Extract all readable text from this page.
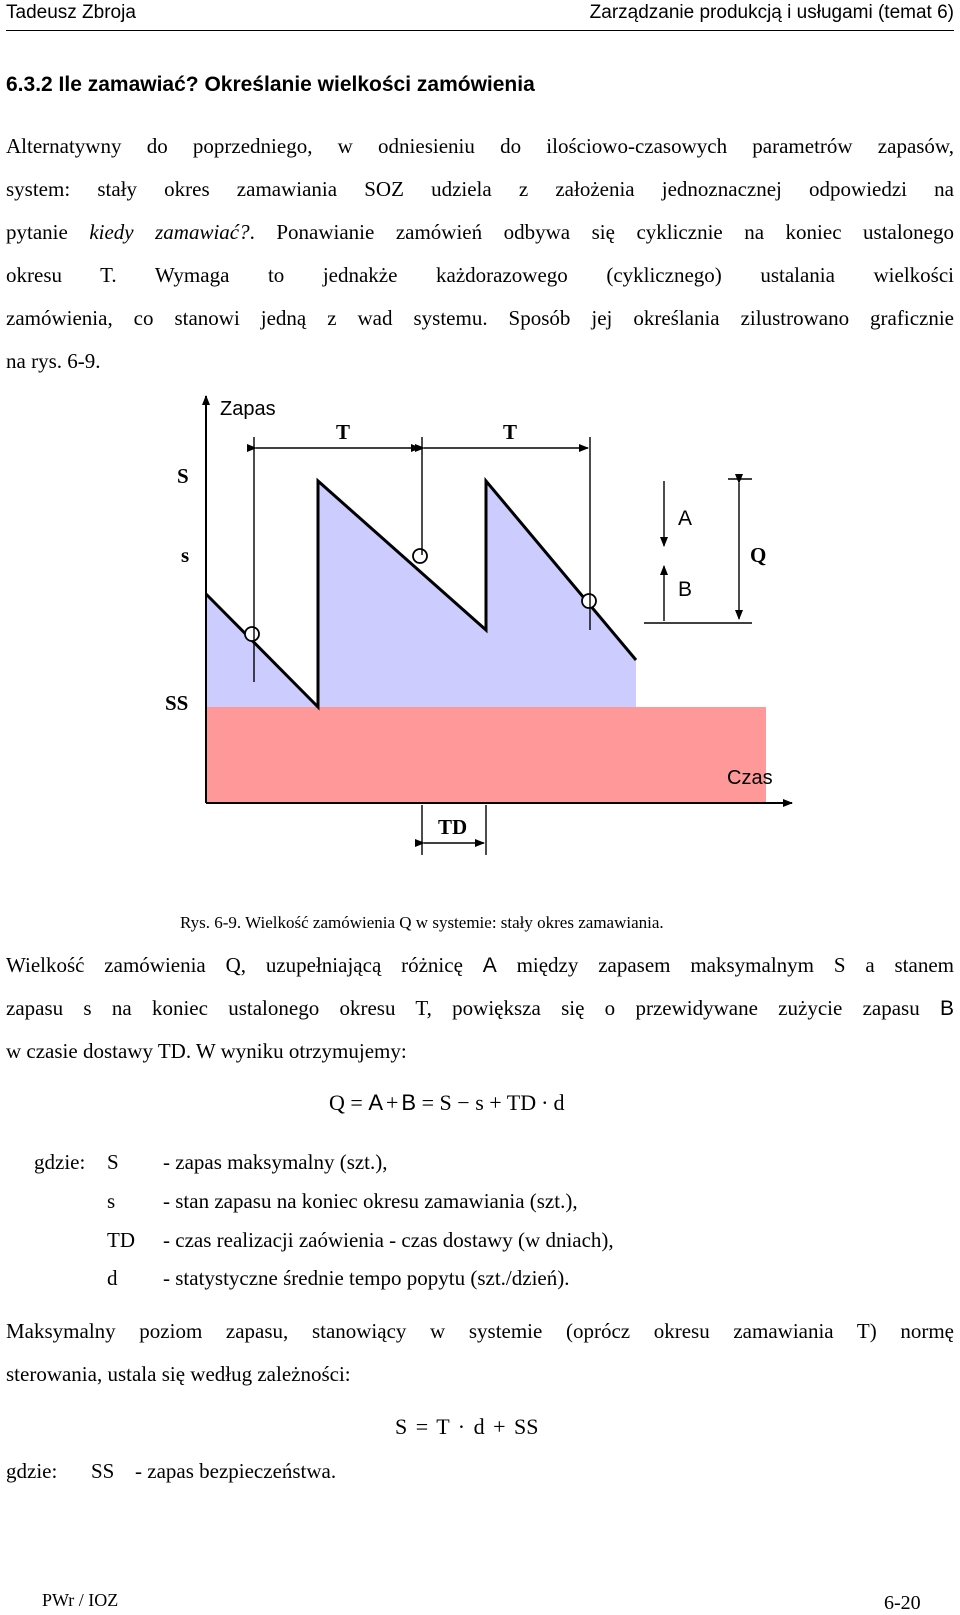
Tadeusz Zbroja	Zarządzanie produkcją i usługami (temat 6)
6.3.2 Ile zamawiać? Określanie wielkości zamówienia
Alternatywny do poprzedniego, w odniesieniu do ilościowo-czasowych parametrów zapasów,
system: stały okres zamawiania SOZ udziela z założenia jednoznacznej odpowiedzi na
pytanie kiedy zamawiać?. Ponawianie zamówień odbywa się cyklicznie na koniec ustalonego
okresu T. Wymaga to jednakże każdorazowego (cyklicznego) ustalania wielkości
zamówienia, co stanowi jedną z wad systemu. Sposób jej określania zilustrowano graficznie
na rys. 6-9.
Zapas
Czas
T	T
S
s
SS
A
B
Q
TD
Rys. 6-9. Wielkość zamówienia Q w systemie: stały okres zamawiania.
Wielkość zamówienia Q, uzupełniającą różnicę A między zapasem maksymalnym S a stanem
zapasu s na koniec ustalonego okresu T, powiększa się o przewidywane zużycie zapasu B
w czasie dostawy TD. W wyniku otrzymujemy:
Q = A + B = S − s + TD · d
gdzie: S - zapas maksymalny (szt.),
s - stan zapasu na koniec okresu zamawiania (szt.),
TD - czas realizacji zaówienia - czas dostawy (w dniach),
d - statystyczne średnie tempo popytu (szt./dzień).
Maksymalny poziom zapasu, stanowiący w systemie (oprócz okresu zamawiania T) normę
sterowania, ustala się według zależności:
S = T · d + SS
gdzie: SS - zapas bezpieczeństwa.
PWr / IOZ	6-20
